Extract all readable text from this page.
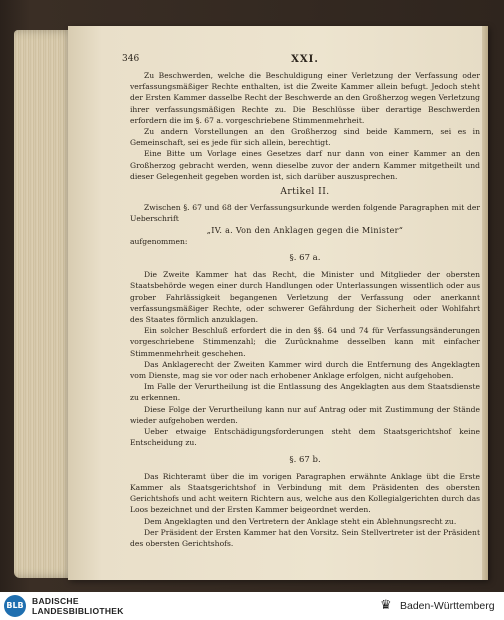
346	XXI.

Zu Beschwerden, welche die Beschuldigung einer Verletzung der Verfassung oder verfassungsmäßiger Rechte enthalten, ist die Zweite Kammer allein befugt. Jedoch steht der Ersten Kammer dasselbe Recht der Beschwerde an den Großherzog wegen Verletzung ihrer verfassungsmäßigen Rechte zu. Die Beschlüsse über derartige Beschwerden erfordern die im §. 67 a. vorgeschriebene Stimmenmehrheit.

Zu andern Vorstellungen an den Großherzog sind beide Kammern, sei es in Gemeinschaft, sei es jede für sich allein, berechtigt.

Eine Bitte um Vorlage eines Gesetzes darf nur dann von einer Kammer an den Großherzog gebracht werden, wenn dieselbe zuvor der andern Kammer mitgetheilt und dieser Gelegenheit gegeben worden ist, sich darüber auszusprechen.

Artikel II.

Zwischen §. 67 und 68 der Verfassungsurkunde werden folgende Paragraphen mit der Ueberschrift

„IV. a. Von den Anklagen gegen die Minister“

aufgenommen:

§. 67 a.

Die Zweite Kammer hat das Recht, die Minister und Mitglieder der obersten Staatsbehörde wegen einer durch Handlungen oder Unterlassungen wissentlich oder aus grober Fahrlässigkeit begangenen Verletzung der Verfassung oder anerkannt verfassungsmäßiger Rechte, oder schwerer Gefährdung der Sicherheit oder Wohlfahrt des Staates förmlich anzuklagen.

Ein solcher Beschluß erfordert die in den §§. 64 und 74 für Verfassungsänderungen vorgeschriebene Stimmenzahl; die Zurücknahme desselben kann mit einfacher Stimmenmehrheit geschehen.

Das Anklagerecht der Zweiten Kammer wird durch die Entfernung des Angeklagten vom Dienste, mag sie vor oder nach erhobener Anklage erfolgen, nicht aufgehoben.

Im Falle der Verurtheilung ist die Entlassung des Angeklagten aus dem Staatsdienste zu erkennen.

Diese Folge der Verurtheilung kann nur auf Antrag oder mit Zustimmung der Stände wieder aufgehoben werden.

Ueber etwaige Entschädigungsforderungen steht dem Staatsgerichtshof keine Entscheidung zu.

§. 67 b.

Das Richteramt über die im vorigen Paragraphen erwähnte Anklage übt die Erste Kammer als Staatsgerichtshof in Verbindung mit dem Präsidenten des obersten Gerichtshofs und acht weitern Richtern aus, welche aus den Kollegialgerichten durch das Loos bezeichnet und der Ersten Kammer beigeordnet werden.

Dem Angeklagten und den Vertretern der Anklage steht ein Ablehnungsrecht zu.

Der Präsident der Ersten Kammer hat den Vorsitz. Sein Stellvertreter ist der Präsident des obersten Gerichtshofs.

BLB BADISCHE
LANDESBIBLIOTHEK	♛ Baden-Württemberg
